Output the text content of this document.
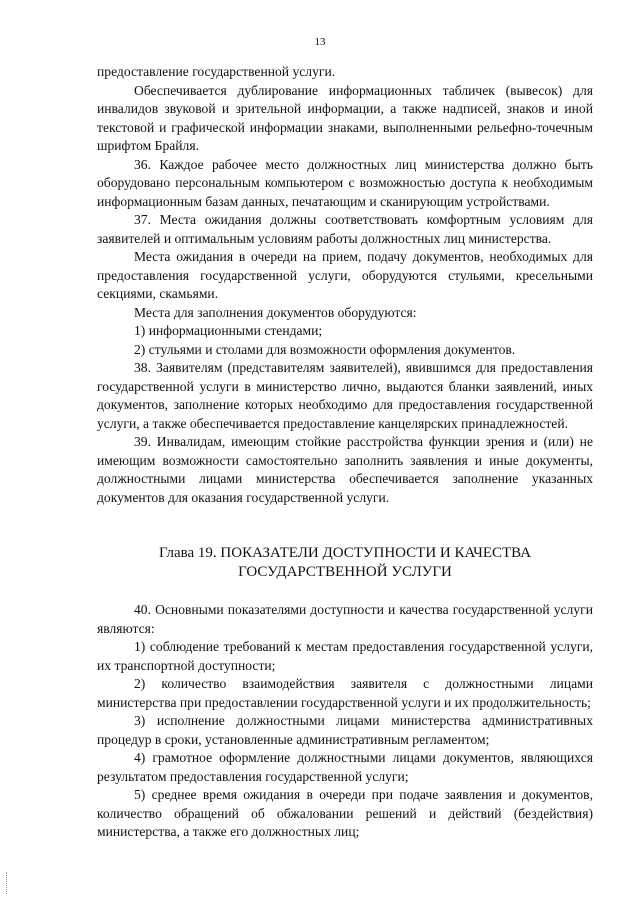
13

предоставление государственной услуги.

Обеспечивается дублирование информационных табличек (вывесок) для инвалидов звуковой и зрительной информации, а также надписей, знаков и иной текстовой и графической информации знаками, выполненными рельефно-точечным шрифтом Брайля.

36. Каждое рабочее место должностных лиц министерства должно быть оборудовано персональным компьютером с возможностью доступа к необходимым информационным базам данных, печатающим и сканирующим устройствами.

37. Места ожидания должны соответствовать комфортным условиям для заявителей и оптимальным условиям работы должностных лиц министерства.

Места ожидания в очереди на прием, подачу документов, необходимых для предоставления государственной услуги, оборудуются стульями, кресельными секциями, скамьями.

Места для заполнения документов оборудуются:

1) информационными стендами;

2) стульями и столами для возможности оформления документов.

38. Заявителям (представителям заявителей), явившимся для предоставления государственной услуги в министерство лично, выдаются бланки заявлений, иных документов, заполнение которых необходимо для предоставления государственной услуги, а также обеспечивается предоставление канцелярских принадлежностей.

39. Инвалидам, имеющим стойкие расстройства функции зрения и (или) не имеющим возможности самостоятельно заполнить заявления и иные документы, должностными лицами министерства обеспечивается заполнение указанных документов для оказания государственной услуги.

Глава 19. ПОКАЗАТЕЛИ ДОСТУПНОСТИ И КАЧЕСТВА
ГОСУДАРСТВЕННОЙ УСЛУГИ

40. Основными показателями доступности и качества государственной услуги являются:

1) соблюдение требований к местам предоставления государственной услуги, их транспортной доступности;

2) количество взаимодействия заявителя с должностными лицами министерства при предоставлении государственной услуги и их продолжительность;

3) исполнение должностными лицами министерства административных процедур в сроки, установленные административным регламентом;

4) грамотное оформление должностными лицами документов, являющихся результатом предоставления государственной услуги;

5) среднее время ожидания в очереди при подаче заявления и документов, количество обращений об обжаловании решений и действий (бездействия) министерства, а также его должностных лиц;
